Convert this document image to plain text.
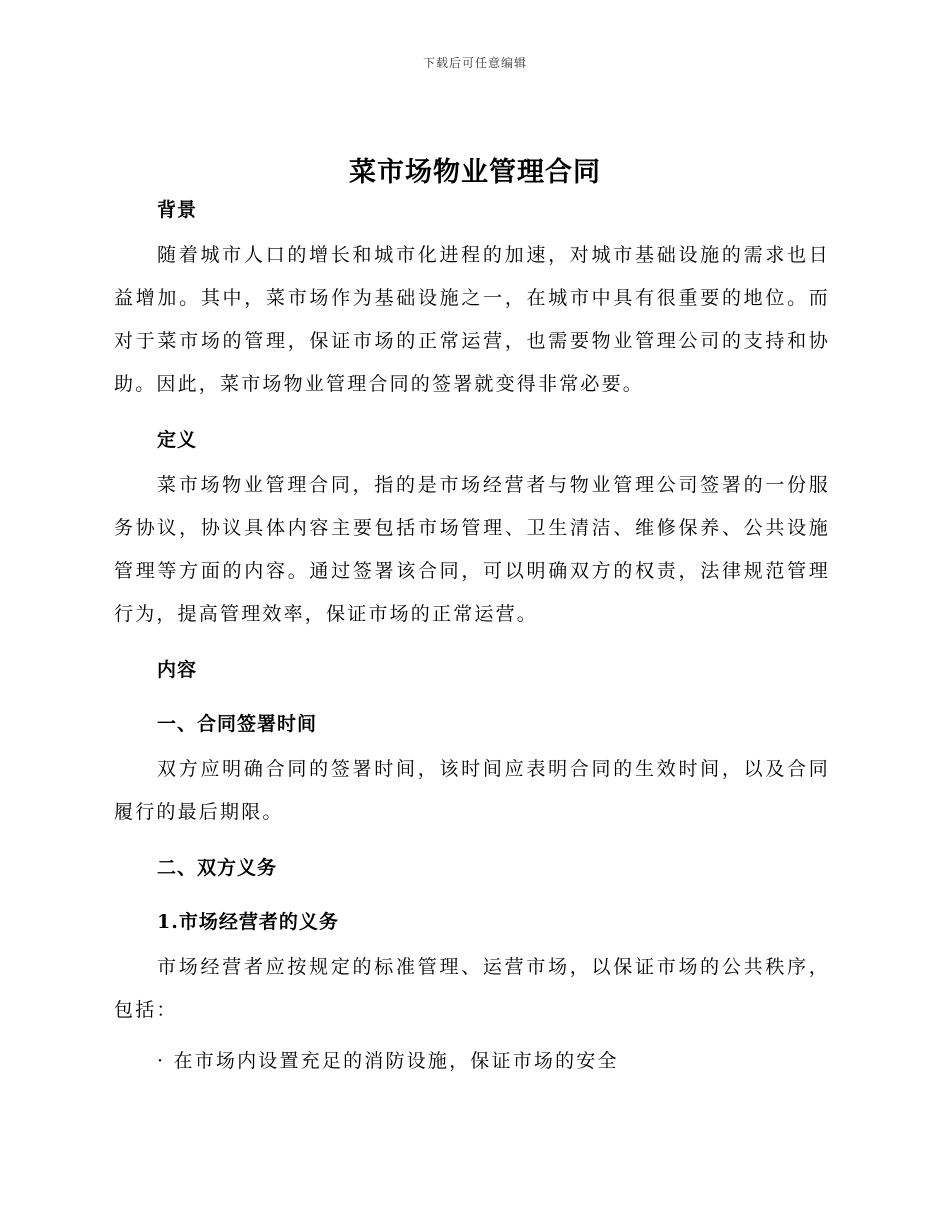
下载后可任意编辑
菜市场物业管理合同
背景

随着城市人口的增长和城市化进程的加速，对城市基础设施的需求也日益增加。其中，菜市场作为基础设施之一，在城市中具有很重要的地位。而对于菜市场的管理，保证市场的正常运营，也需要物业管理公司的支持和协助。因此，菜市场物业管理合同的签署就变得非常必要。

定义

菜市场物业管理合同，指的是市场经营者与物业管理公司签署的一份服务协议，协议具体内容主要包括市场管理、卫生清洁、维修保养、公共设施管理等方面的内容。通过签署该合同，可以明确双方的权责，法律规范管理行为，提高管理效率，保证市场的正常运营。

内容
一、合同签署时间

双方应明确合同的签署时间，该时间应表明合同的生效时间，以及合同履行的最后期限。

二、双方义务
1.市场经营者的义务

市场经营者应按规定的标准管理、运营市场，以保证市场的公共秩序，包括：

· 在市场内设置充足的消防设施，保证市场的安全
